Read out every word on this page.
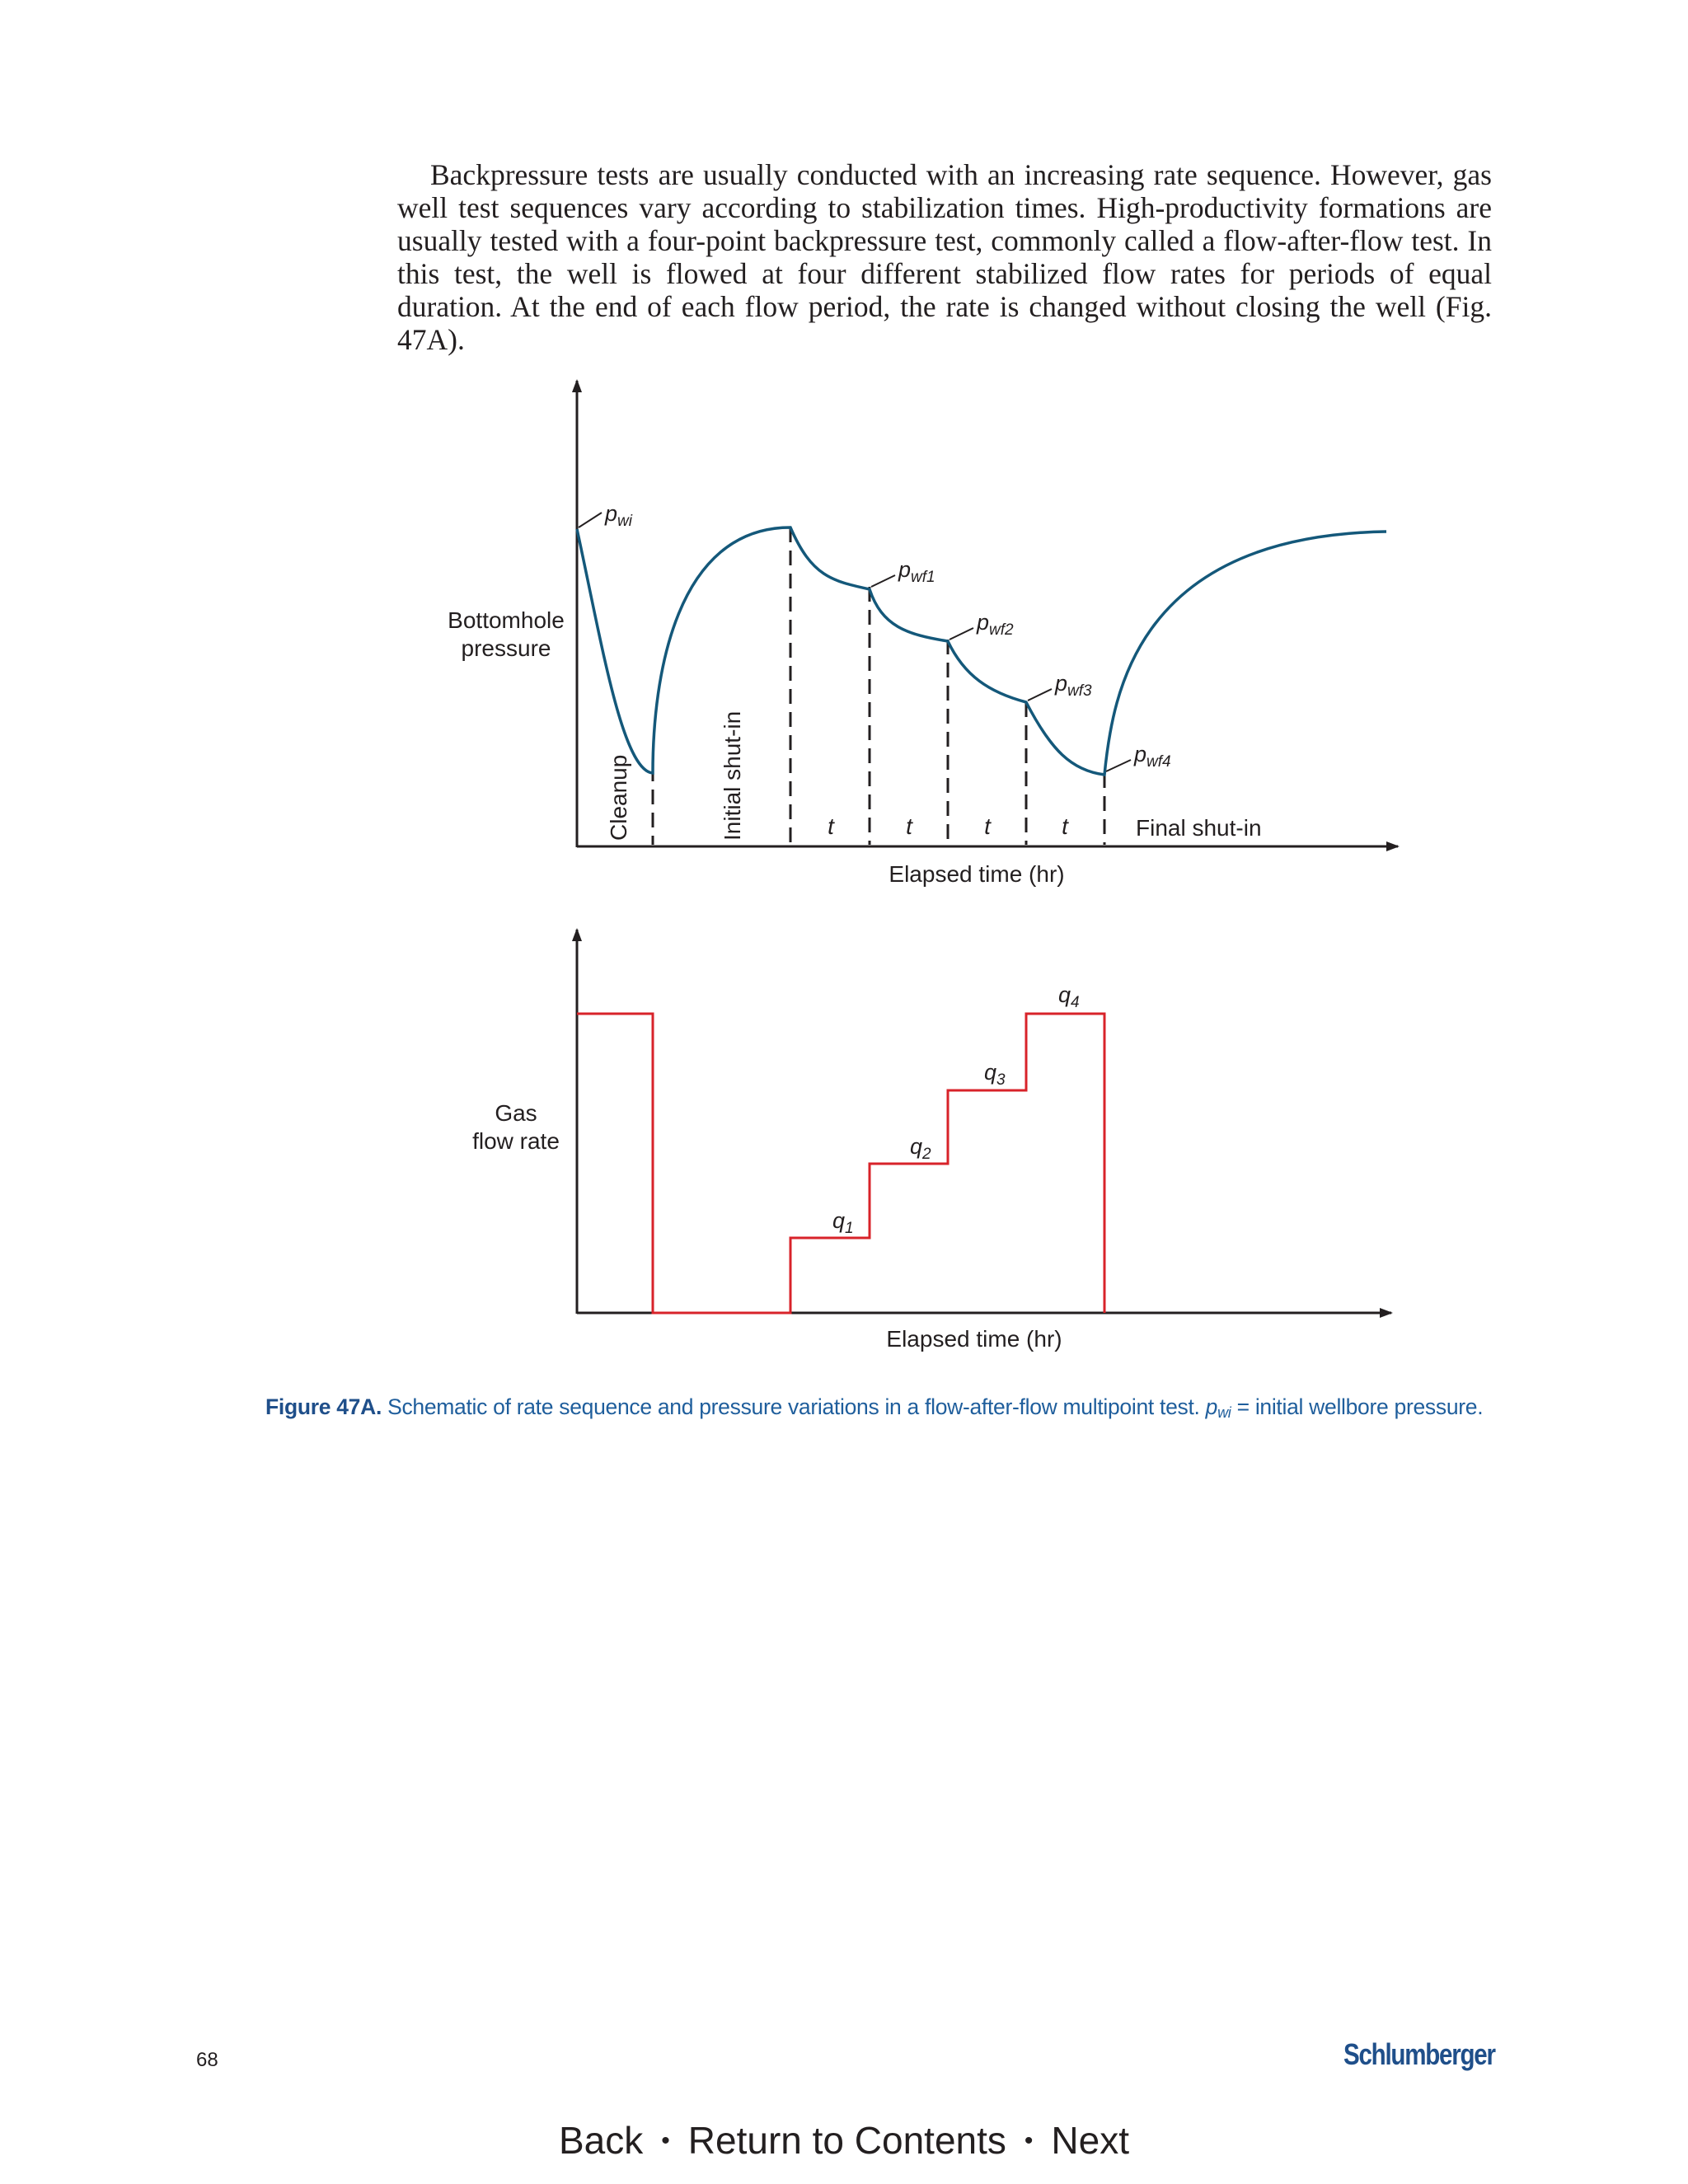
Backpressure tests are usually conducted with an increasing rate sequence. However, gas well test sequences vary according to stabilization times. High-productivity formations are usually tested with a four-point backpressure test, commonly called a flow-after-flow test. In this test, the well is flowed at four different stabilized flow rates for periods of equal duration. At the end of each flow period, the rate is changed without closing the well (Fig. 47A).

$p_{wi}$
$p_{wf1}$
$p_{wf2}$
$p_{wf3}$
$p_{wf4}$
Bottomhole
pressure
Cleanup	Initial shut-in	t	t	t	t	Final shut-in
Elapsed time (hr)
$q_1$
$q_2$
$q_3$
$q_4$
Gas
flow rate
Elapsed time (hr)
Figure 47A. Schematic of rate sequence and pressure variations in a flow-after-flow multipoint test. $p_{wi}$ = initial wellbore pressure.
68	Schlumberger
Back • Return to Contents • Next
